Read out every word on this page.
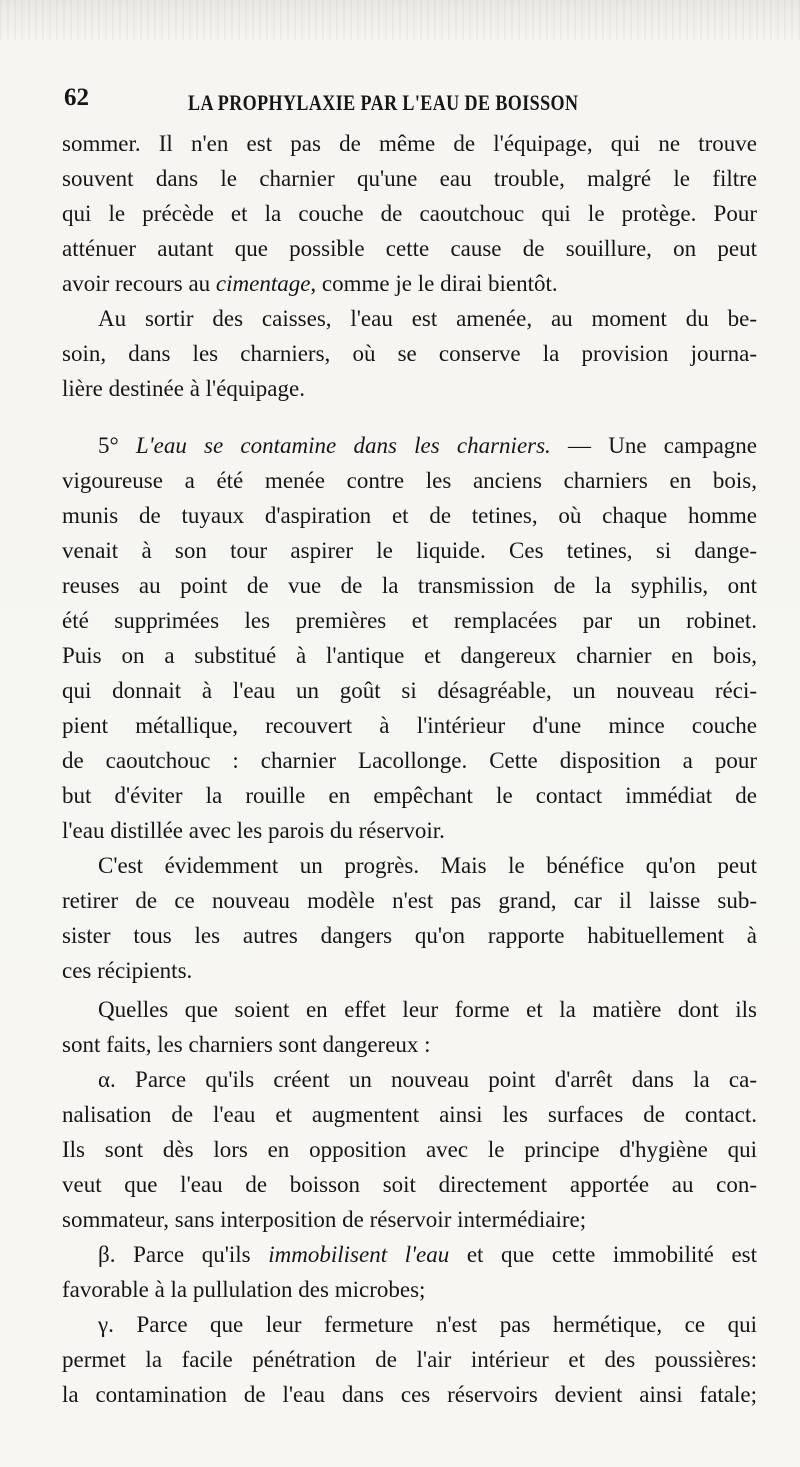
62	LA PROPHYLAXIE PAR L'EAU DE BOISSON
sommer. Il n'en est pas de même de l'équipage, qui ne trouve
souvent dans le charnier qu'une eau trouble, malgré le filtre
qui le précède et la couche de caoutchouc qui le protège. Pour
atténuer autant que possible cette cause de souillure, on peut
avoir recours au cimentage, comme je le dirai bientôt.
Au sortir des caisses, l'eau est amenée, au moment du be-
soin, dans les charniers, où se conserve la provision journa-
lière destinée à l'équipage.
5° L'eau se contamine dans les charniers. — Une campagne
vigoureuse a été menée contre les anciens charniers en bois,
munis de tuyaux d'aspiration et de tetines, où chaque homme
venait à son tour aspirer le liquide. Ces tetines, si dange-
reuses au point de vue de la transmission de la syphilis, ont
été supprimées les premières et remplacées par un robinet.
Puis on a substitué à l'antique et dangereux charnier en bois,
qui donnait à l'eau un goût si désagréable, un nouveau réci-
pient métallique, recouvert à l'intérieur d'une mince couche
de caoutchouc : charnier Lacollonge. Cette disposition a pour
but d'éviter la rouille en empêchant le contact immédiat de
l'eau distillée avec les parois du réservoir.
C'est évidemment un progrès. Mais le bénéfice qu'on peut
retirer de ce nouveau modèle n'est pas grand, car il laisse sub-
sister tous les autres dangers qu'on rapporte habituellement à
ces récipients.
Quelles que soient en effet leur forme et la matière dont ils
sont faits, les charniers sont dangereux :
α. Parce qu'ils créent un nouveau point d'arrêt dans la ca-
nalisation de l'eau et augmentent ainsi les surfaces de contact.
Ils sont dès lors en opposition avec le principe d'hygiène qui
veut que l'eau de boisson soit directement apportée au con-
sommateur, sans interposition de réservoir intermédiaire;
β. Parce qu'ils immobilisent l'eau et que cette immobilité est
favorable à la pullulation des microbes;
γ. Parce que leur fermeture n'est pas hermétique, ce qui
permet la facile pénétration de l'air intérieur et des poussières:
la contamination de l'eau dans ces réservoirs devient ainsi fatale;
